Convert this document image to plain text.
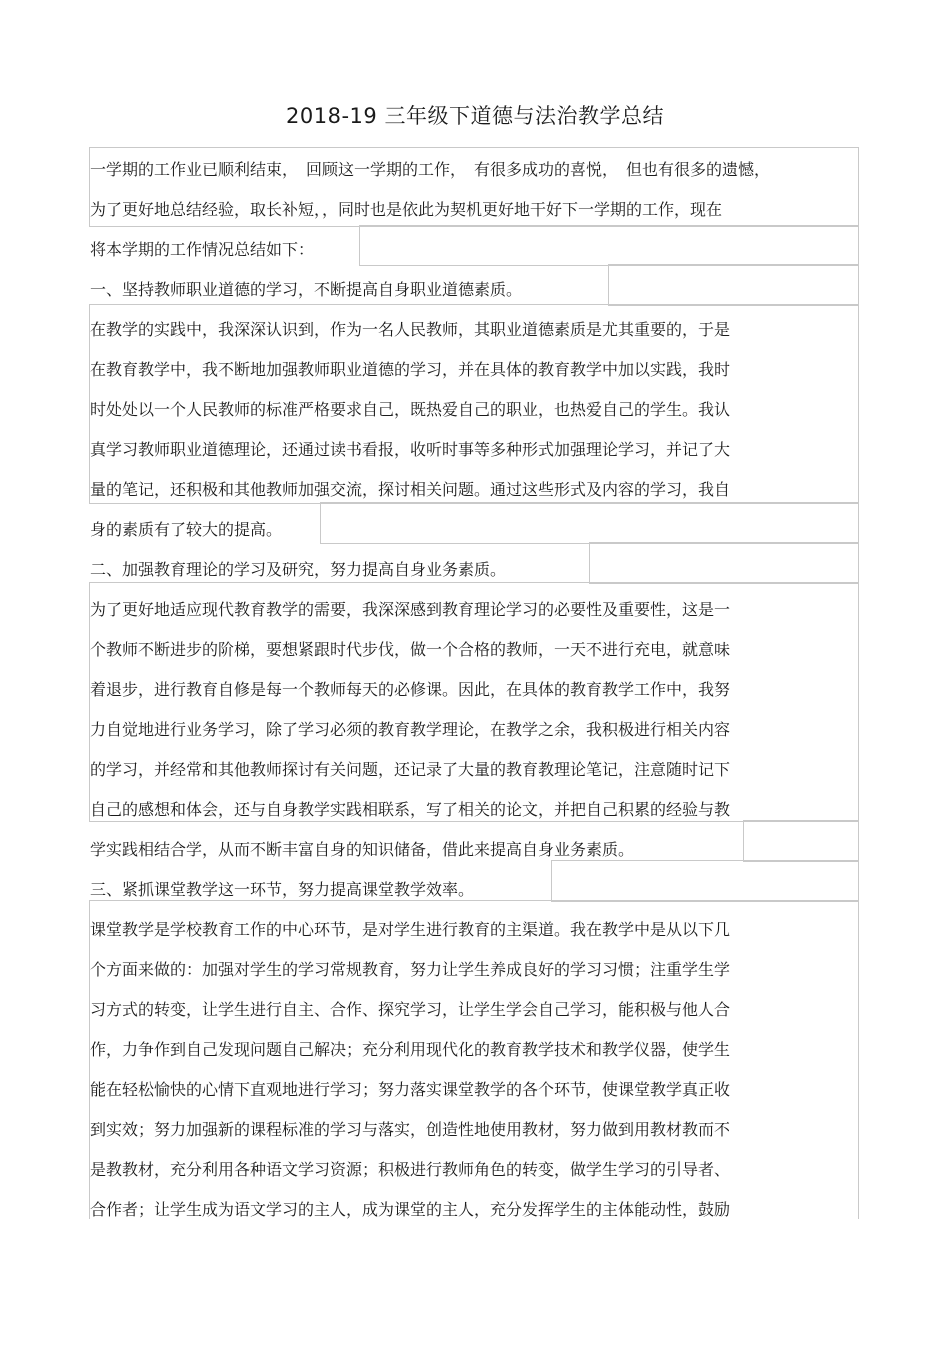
2018-19 三年级下道德与法治教学总结
一学期的工作业已顺利结束，　回顾这一学期的工作，　有很多成功的喜悦，　但也有很多的遗憾，
为了更好地总结经验，取长补短，，同时也是依此为契机更好地干好下一学期的工作，现在
将本学期的工作情况总结如下：
一、坚持教师职业道德的学习，不断提高自身职业道德素质。
在教学的实践中，我深深认识到，作为一名人民教师，其职业道德素质是尤其重要的，于是
在教育教学中，我不断地加强教师职业道德的学习，并在具体的教育教学中加以实践，我时
时处处以一个人民教师的标准严格要求自己，既热爱自己的职业，也热爱自己的学生。我认
真学习教师职业道德理论，还通过读书看报，收听时事等多种形式加强理论学习，并记了大
量的笔记，还积极和其他教师加强交流，探讨相关问题。通过这些形式及内容的学习，我自
身的素质有了较大的提高。
二、加强教育理论的学习及研究，努力提高自身业务素质。
为了更好地适应现代教育教学的需要，我深深感到教育理论学习的必要性及重要性，这是一
个教师不断进步的阶梯，要想紧跟时代步伐，做一个合格的教师，一天不进行充电，就意味
着退步，进行教育自修是每一个教师每天的必修课。因此，在具体的教育教学工作中，我努
力自觉地进行业务学习，除了学习必须的教育教学理论，在教学之余，我积极进行相关内容
的学习，并经常和其他教师探讨有关问题，还记录了大量的教育教理论笔记，注意随时记下
自己的感想和体会，还与自身教学实践相联系，写了相关的论文，并把自己积累的经验与教
学实践相结合学，从而不断丰富自身的知识储备，借此来提高自身业务素质。
三、紧抓课堂教学这一环节，努力提高课堂教学效率。
课堂教学是学校教育工作的中心环节，是对学生进行教育的主渠道。我在教学中是从以下几
个方面来做的：加强对学生的学习常规教育，努力让学生养成良好的学习习惯；注重学生学
习方式的转变，让学生进行自主、合作、探究学习，让学生学会自己学习，能积极与他人合
作，力争作到自己发现问题自己解决；充分利用现代化的教育教学技术和教学仪器，使学生
能在轻松愉快的心情下直观地进行学习；努力落实课堂教学的各个环节，使课堂教学真正收
到实效；努力加强新的课程标准的学习与落实，创造性地使用教材，努力做到用教材教而不
是教教材，充分利用各种语文学习资源；积极进行教师角色的转变，做学生学习的引导者、
合作者；让学生成为语文学习的主人，成为课堂的主人，充分发挥学生的主体能动性，鼓励
